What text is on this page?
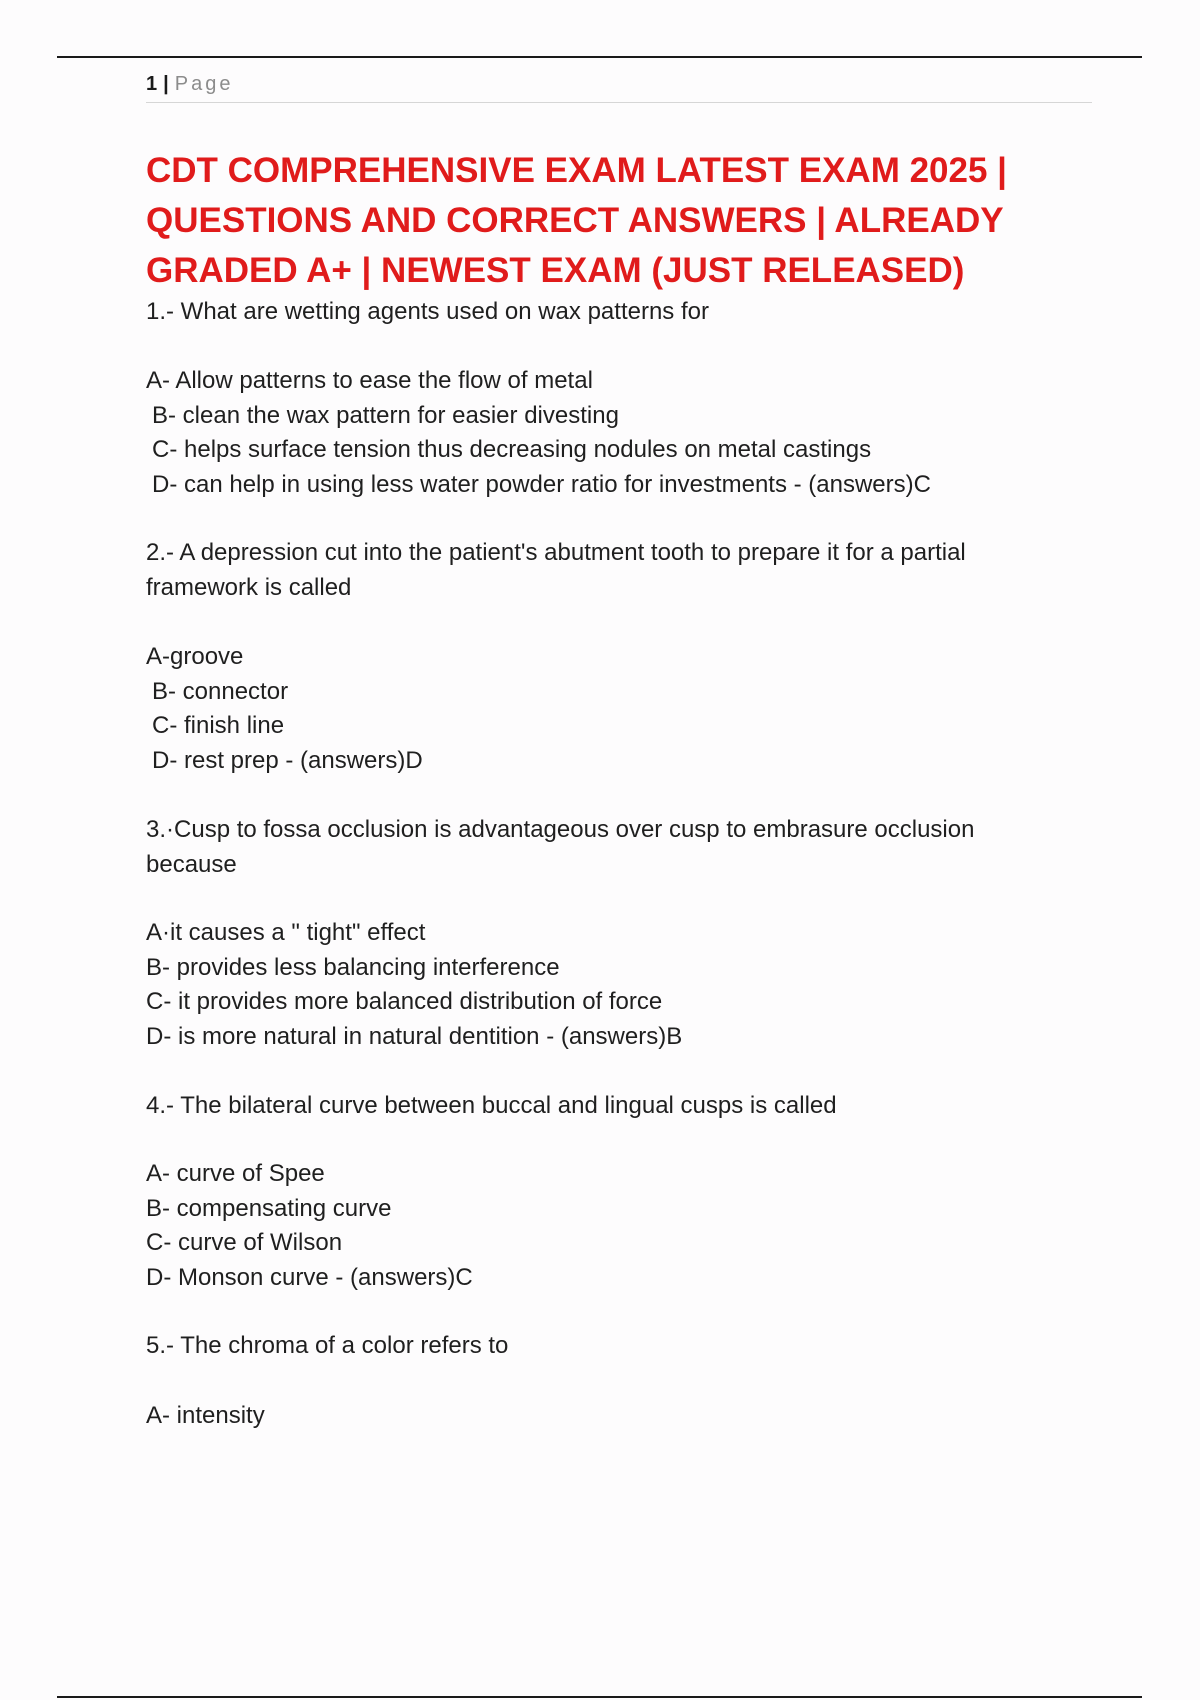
1 | Page
CDT COMPREHENSIVE EXAM LATEST EXAM 2025 |
QUESTIONS AND CORRECT ANSWERS | ALREADY
GRADED A+ | NEWEST EXAM (JUST RELEASED)
1.- What are wetting agents used on wax patterns for
A- Allow patterns to ease the flow of metal
B- clean the wax pattern for easier divesting
C- helps surface tension thus decreasing nodules on metal castings
D- can help in using less water powder ratio for investments - (answers)C
2.- A depression cut into the patient's abutment tooth to prepare it for a partial
framework is called
A-groove
B- connector
C- finish line
D- rest prep - (answers)D
3.·Cusp to fossa occlusion is advantageous over cusp to embrasure occlusion
because
A·it causes a " tight" effect
B- provides less balancing interference
C- it provides more balanced distribution of force
D- is more natural in natural dentition - (answers)B
4.- The bilateral curve between buccal and lingual cusps is called
A- curve of Spee
B- compensating curve
C- curve of Wilson
D- Monson curve - (answers)C
5.- The chroma of a color refers to
A- intensity
